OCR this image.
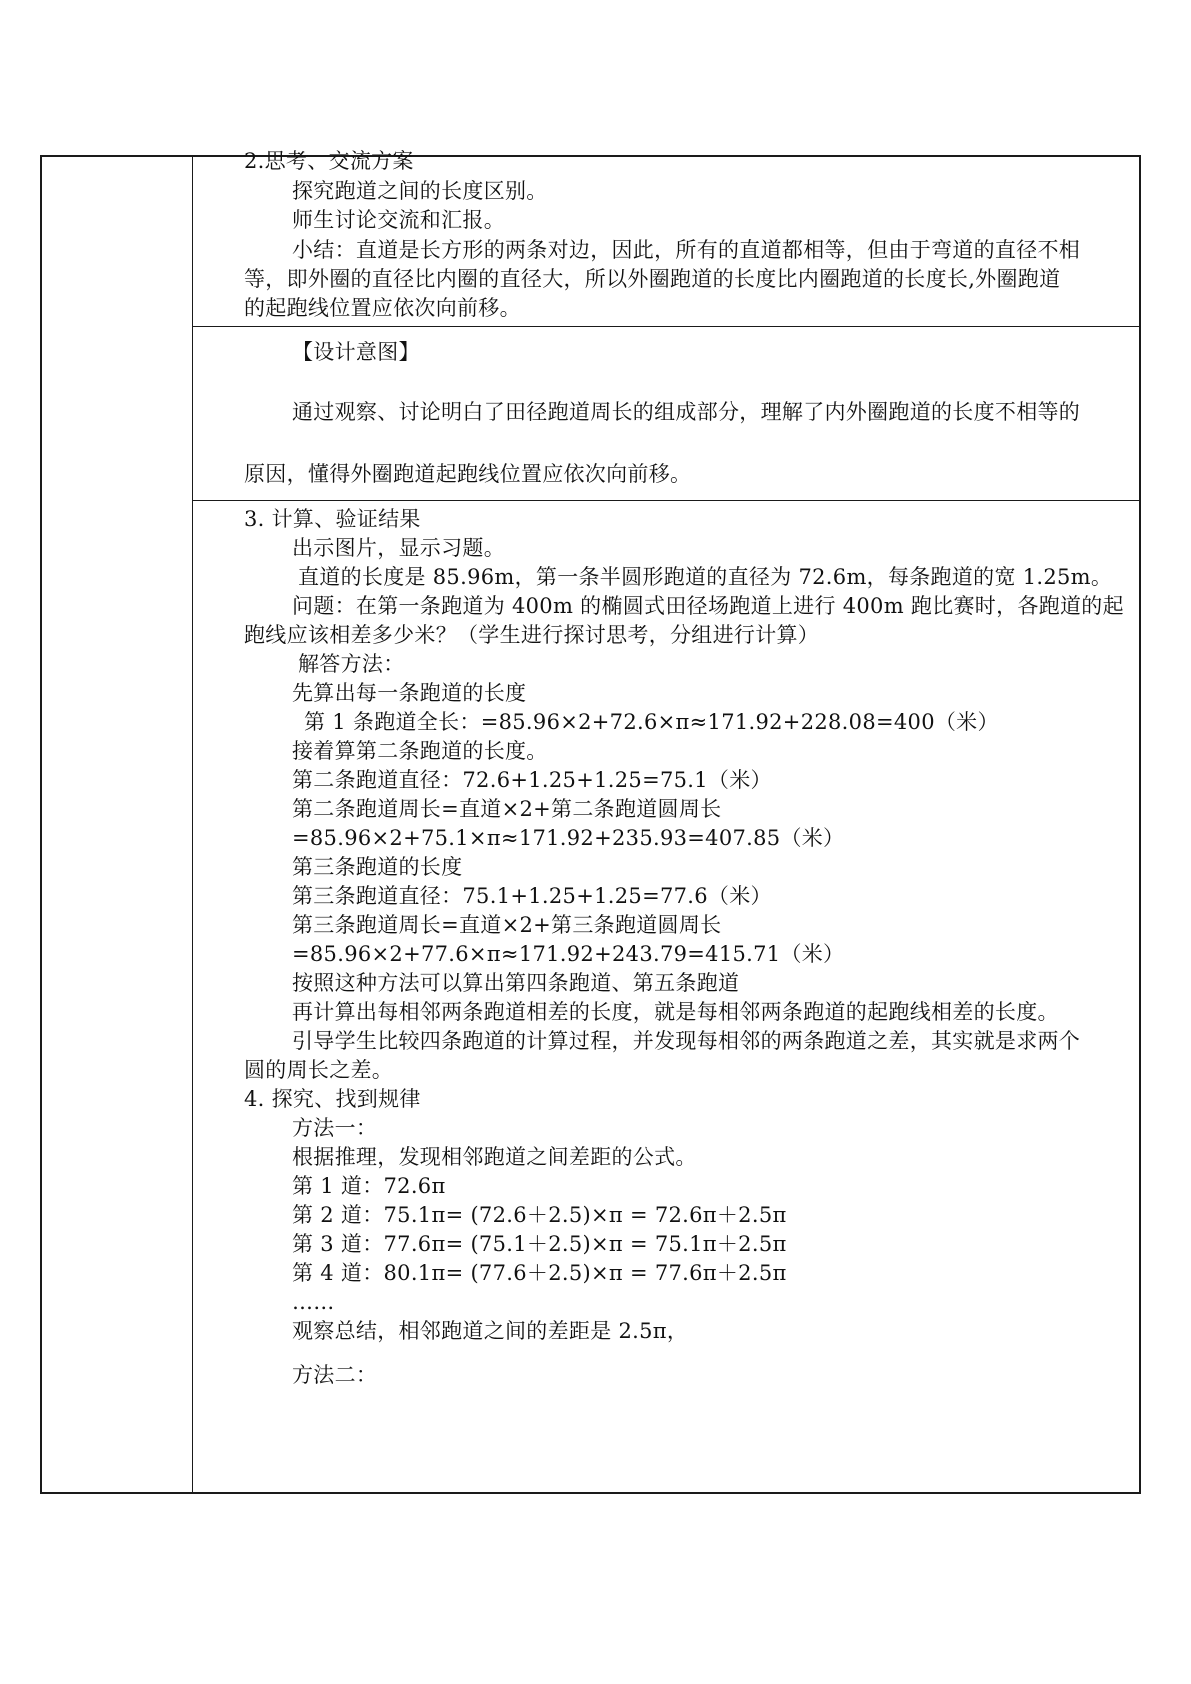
2.思考、交流方案
探究跑道之间的长度区别。
师生讨论交流和汇报。
小结：直道是长方形的两条对边，因此，所有的直道都相等，但由于弯道的直径不相
等，即外圈的直径比内圈的直径大，所以外圈跑道的长度比内圈跑道的长度长,外圈跑道
的起跑线位置应依次向前移。
【设计意图】
通过观察、讨论明白了田径跑道周长的组成部分，理解了内外圈跑道的长度不相等的
原因，懂得外圈跑道起跑线位置应依次向前移。
3. 计算、验证结果
出示图片，显示习题。
直道的长度是 85.96m，第一条半圆形跑道的直径为 72.6m，每条跑道的宽 1.25m。
问题：在第一条跑道为 400m 的椭圆式田径场跑道上进行 400m 跑比赛时，各跑道的起
跑线应该相差多少米？（学生进行探讨思考，分组进行计算）
解答方法：
先算出每一条跑道的长度
第 1 条跑道全长：=85.96×2+72.6×π≈171.92+228.08=400（米）
接着算第二条跑道的长度。
第二条跑道直径：72.6+1.25+1.25=75.1（米）
第二条跑道周长=直道×2+第二条跑道圆周长
=85.96×2+75.1×π≈171.92+235.93=407.85（米）
第三条跑道的长度
第三条跑道直径：75.1+1.25+1.25=77.6（米）
第三条跑道周长=直道×2+第三条跑道圆周长
=85.96×2+77.6×π≈171.92+243.79=415.71（米）
按照这种方法可以算出第四条跑道、第五条跑道
再计算出每相邻两条跑道相差的长度，就是每相邻两条跑道的起跑线相差的长度。
引导学生比较四条跑道的计算过程，并发现每相邻的两条跑道之差，其实就是求两个
圆的周长之差。
4. 探究、找到规律
方法一：
根据推理，发现相邻跑道之间差距的公式。
第 1 道：72.6π
第 2 道：75.1π= (72.6＋2.5)×π = 72.6π＋2.5π
第 3 道：77.6π= (75.1＋2.5)×π = 75.1π＋2.5π
第 4 道：80.1π= (77.6＋2.5)×π = 77.6π＋2.5π
……
观察总结，相邻跑道之间的差距是 2.5π，
方法二：
